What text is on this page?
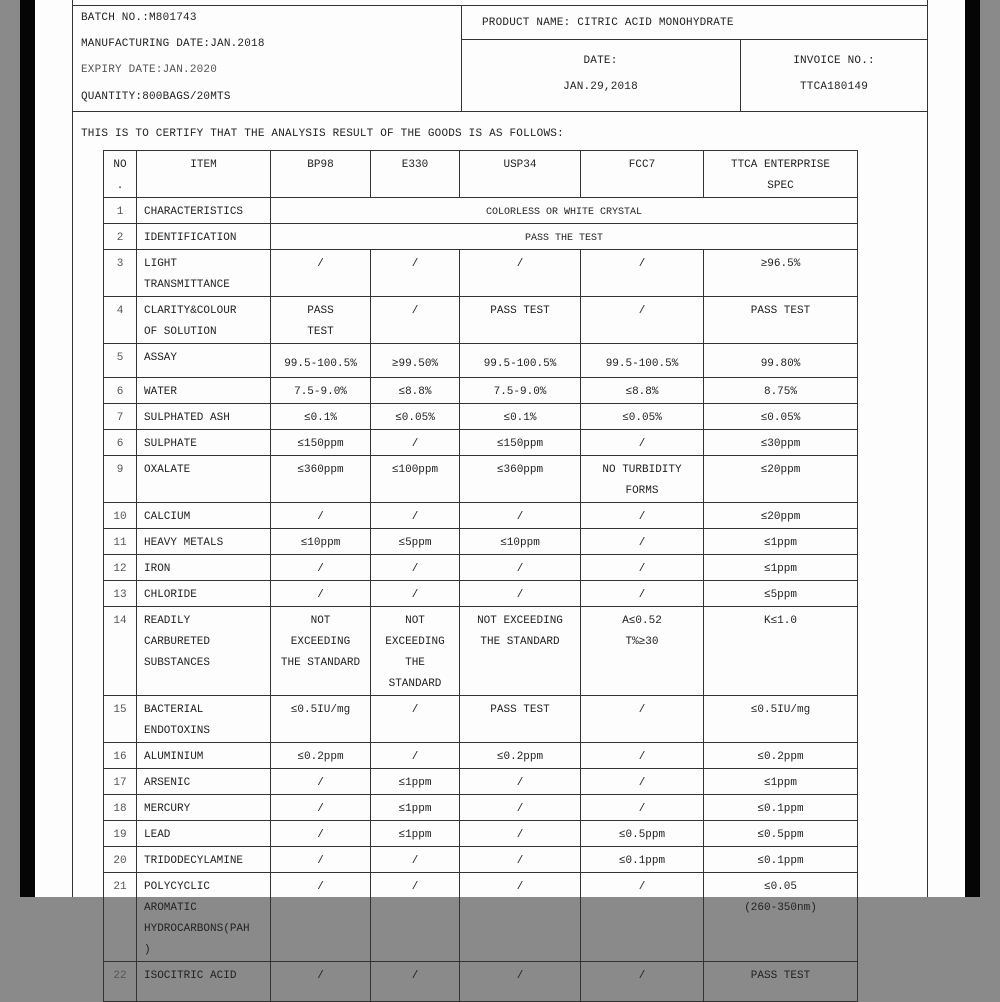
BATCH NO.:M801743
MANUFACTURING DATE:JAN.2018
EXPIRY DATE:JAN.2020
QUANTITY:800BAGS/20MTS
PRODUCT NAME: CITRIC ACID MONOHYDRATE
DATE:
JAN.29,2018
INVOICE NO.:
TTCA180149
THIS IS TO CERTIFY THAT THE ANALYSIS RESULT OF THE GOODS IS AS FOLLOWS:
NO
.	ITEM	BP98	E330	USP34	FCC7	TTCA ENTERPRISE
SPEC
1	CHARACTERISTICS	COLORLESS OR WHITE CRYSTAL				
2	IDENTIFICATION	PASS THE TEST				
3	LIGHT
TRANSMITTANCE	/	/	/	/	≥96.5%
4	CLARITY&COLOUR
OF SOLUTION	PASS
TEST	/	PASS TEST	/	PASS TEST
5	ASSAY	99.5-100.5%	≥99.50%	99.5-100.5%	99.5-100.5%	99.80%
6	WATER	7.5-9.0%	≤8.8%	7.5-9.0%	≤8.8%	8.75%
7	SULPHATED ASH	≤0.1%	≤0.05%	≤0.1%	≤0.05%	≤0.05%
6	SULPHATE	≤150ppm	/	≤150ppm	/	≤30ppm
9	OXALATE	≤360ppm	≤100ppm	≤360ppm	NO TURBIDITY
FORMS	≤20ppm
10	CALCIUM	/	/	/	/	≤20ppm
11	HEAVY METALS	≤10ppm	≤5ppm	≤10ppm	/	≤1ppm
12	IRON	/	/	/	/	≤1ppm
13	CHLORIDE	/	/	/	/	≤5ppm
14	READILY
CARBURETED
SUBSTANCES	NOT
EXCEEDING
THE STANDARD	NOT
EXCEEDING
THE
STANDARD	NOT EXCEEDING
THE STANDARD	A≤0.52
T%≥30	K≤1.0
15	BACTERIAL
ENDOTOXINS	≤0.5IU/mg	/	PASS TEST	/	≤0.5IU/mg
16	ALUMINIUM	≤0.2ppm	/	≤0.2ppm	/	≤0.2ppm
17	ARSENIC	/	≤1ppm	/	/	≤1ppm
18	MERCURY	/	≤1ppm	/	/	≤0.1ppm
19	LEAD	/	≤1ppm	/	≤0.5ppm	≤0.5ppm
20	TRIDODECYLAMINE	/	/	/	≤0.1ppm	≤0.1ppm
21	POLYCYCLIC
AROMATIC
HYDROCARBONS(PAH
)	/	/	/	/	≤0.05
(260-350nm)
22	ISOCITRIC ACID	/	/	/	/	PASS TEST
